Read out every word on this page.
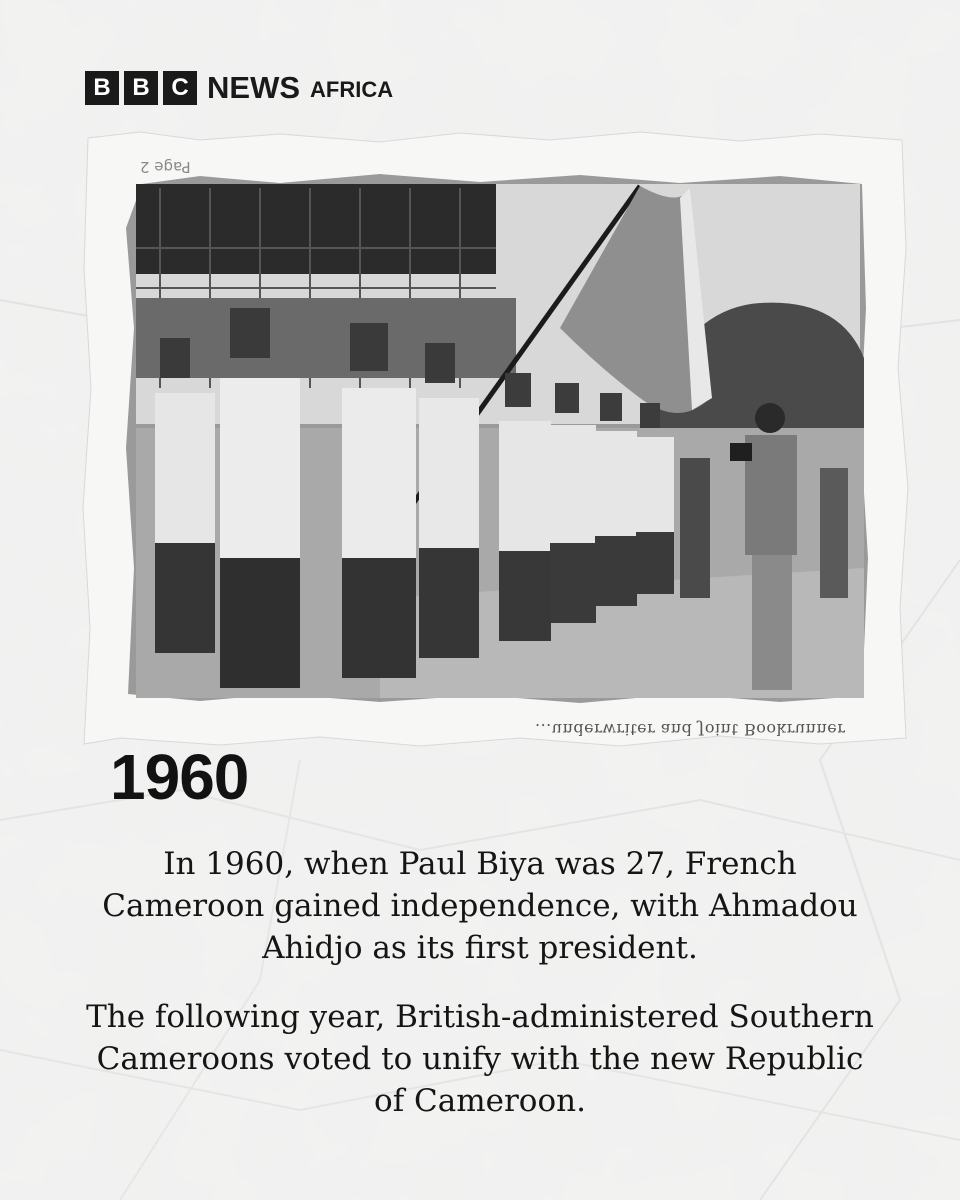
B B C NEWS AFRICA
Page 2
...underwriter and Joint Bookrunner
1960
In 1960, when Paul Biya was 27, French Cameroon gained independence, with Ahmadou Ahidjo as its first president.
The following year, British-administered Southern Cameroons voted to unify with the new Republic of Cameroon.
